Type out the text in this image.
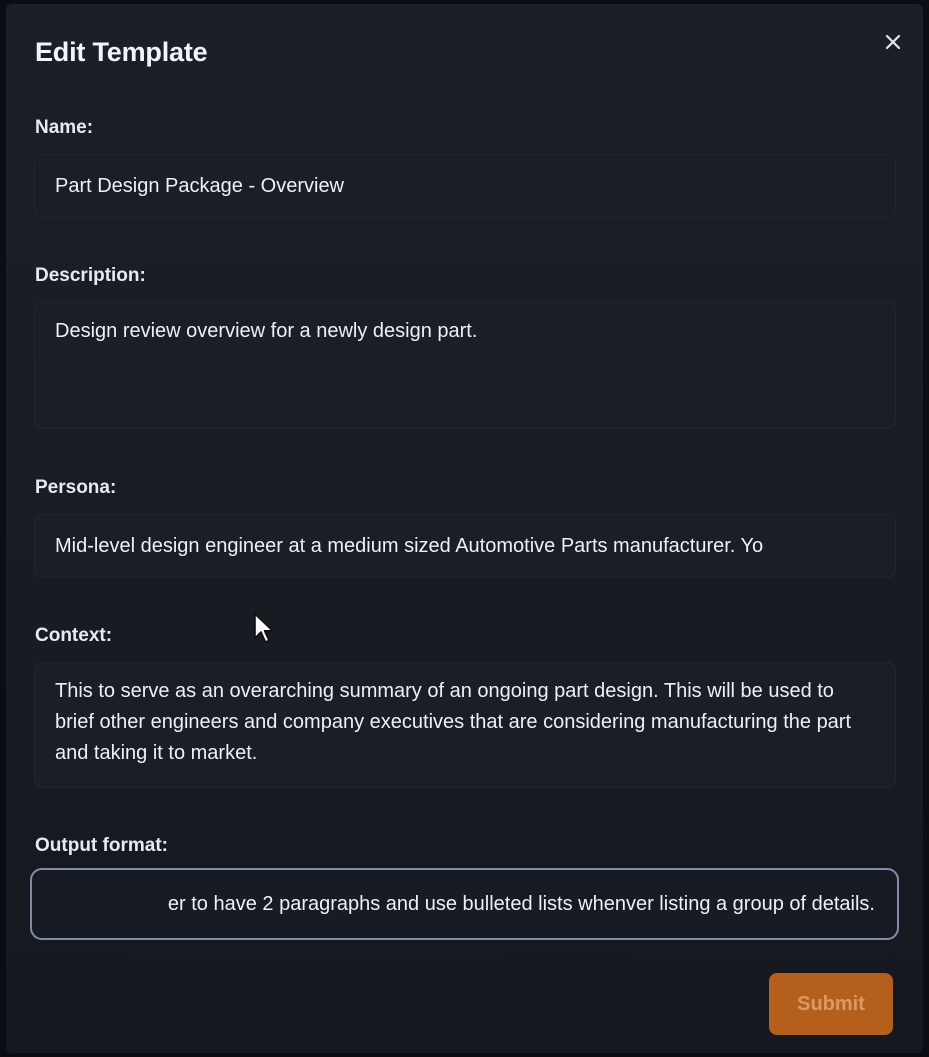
Edit Template
Name:
Part Design Package - Overview
Description:
Design review overview for a newly design part.
Persona:
Mid-level design engineer at a medium sized Automotive Parts manufacturer. Yo
Context:
This to serve as an overarching summary of an ongoing part design. This will be used to brief other engineers and company executives that are considering manufacturing the part and taking it to market.
Output format:
er to have 2 paragraphs and use bulleted lists whenver listing a group of details.
Submit
